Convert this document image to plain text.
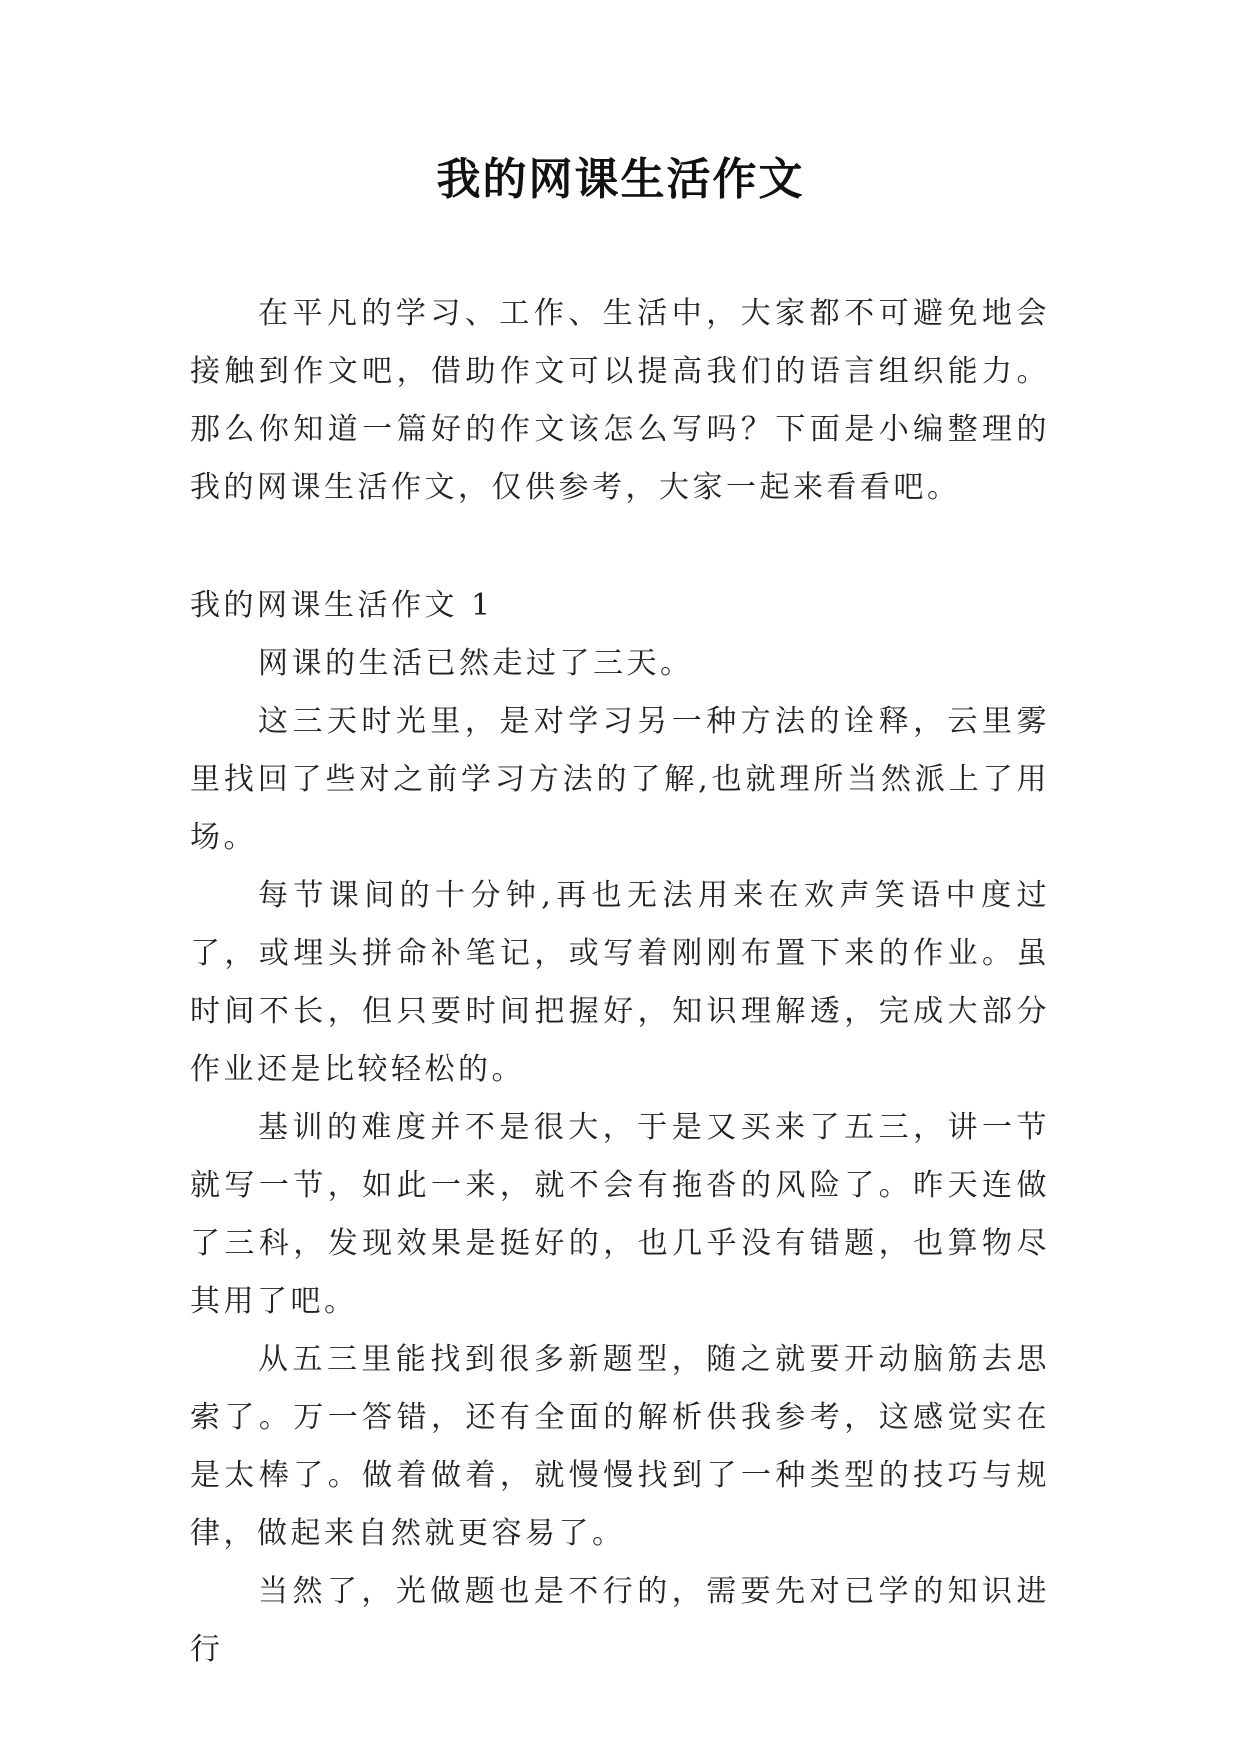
我的网课生活作文

在平凡的学习、工作、生活中，大家都不可避免地会接触到作文吧，借助作文可以提高我们的语言组织能力。那么你知道一篇好的作文该怎么写吗？下面是小编整理的我的网课生活作文，仅供参考，大家一起来看看吧。

我的网课生活作文 1

网课的生活已然走过了三天。

这三天时光里，是对学习另一种方法的诠释，云里雾里找回了些对之前学习方法的了解,也就理所当然派上了用场。

每节课间的十分钟,再也无法用来在欢声笑语中度过了，或埋头拼命补笔记，或写着刚刚布置下来的作业。虽时间不长，但只要时间把握好，知识理解透，完成大部分作业还是比较轻松的。

基训的难度并不是很大，于是又买来了五三，讲一节就写一节，如此一来，就不会有拖沓的风险了。昨天连做了三科，发现效果是挺好的，也几乎没有错题，也算物尽其用了吧。

从五三里能找到很多新题型，随之就要开动脑筋去思索了。万一答错，还有全面的解析供我参考，这感觉实在是太棒了。做着做着，就慢慢找到了一种类型的技巧与规律，做起来自然就更容易了。

当然了，光做题也是不行的，需要先对已学的知识进行
